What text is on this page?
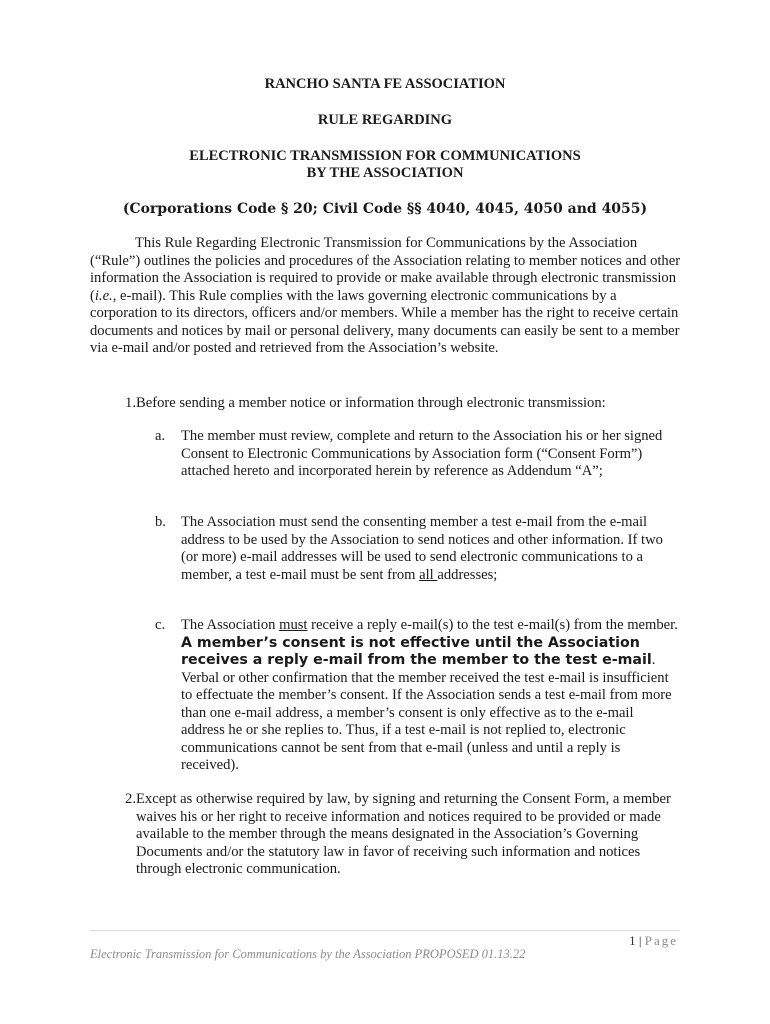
RANCHO SANTA FE ASSOCIATION
RULE REGARDING
ELECTRONIC TRANSMISSION FOR COMMUNICATIONS
BY THE ASSOCIATION
(Corporations Code § 20; Civil Code §§ 4040, 4045, 4050 and 4055)
This Rule Regarding Electronic Transmission for Communications by the Association (“Rule”) outlines the policies and procedures of the Association relating to member notices and other information the Association is required to provide or make available through electronic transmission (i.e., e-mail). This Rule complies with the laws governing electronic communications by a corporation to its directors, officers and/or members. While a member has the right to receive certain documents and notices by mail or personal delivery, many documents can easily be sent to a member via e-mail and/or posted and retrieved from the Association’s website.
1. Before sending a member notice or information through electronic transmission:
a.	The member must review, complete and return to the Association his or her signed Consent to Electronic Communications by Association form (“Consent Form”) attached hereto and incorporated herein by reference as Addendum “A”;
b.	The Association must send the consenting member a test e-mail from the e-mail address to be used by the Association to send notices and other information. If two (or more) e-mail addresses will be used to send electronic communications to a member, a test e-mail must be sent from all addresses;
c.	The Association must receive a reply e-mail(s) to the test e-mail(s) from the member. A member’s consent is not effective until the Association receives a reply e-mail from the member to the test e-mail. Verbal or other confirmation that the member received the test e-mail is insufficient to effectuate the member’s consent. If the Association sends a test e-mail from more than one e-mail address, a member’s consent is only effective as to the e-mail address he or she replies to. Thus, if a test e-mail is not replied to, electronic communications cannot be sent from that e-mail (unless and until a reply is received).
2. Except as otherwise required by law, by signing and returning the Consent Form, a member waives his or her right to receive information and notices required to be provided or made available to the member through the means designated in the Association’s Governing Documents and/or the statutory law in favor of receiving such information and notices through electronic communication.
1 | Page
Electronic Transmission for Communications by the Association PROPOSED 01.13.22
